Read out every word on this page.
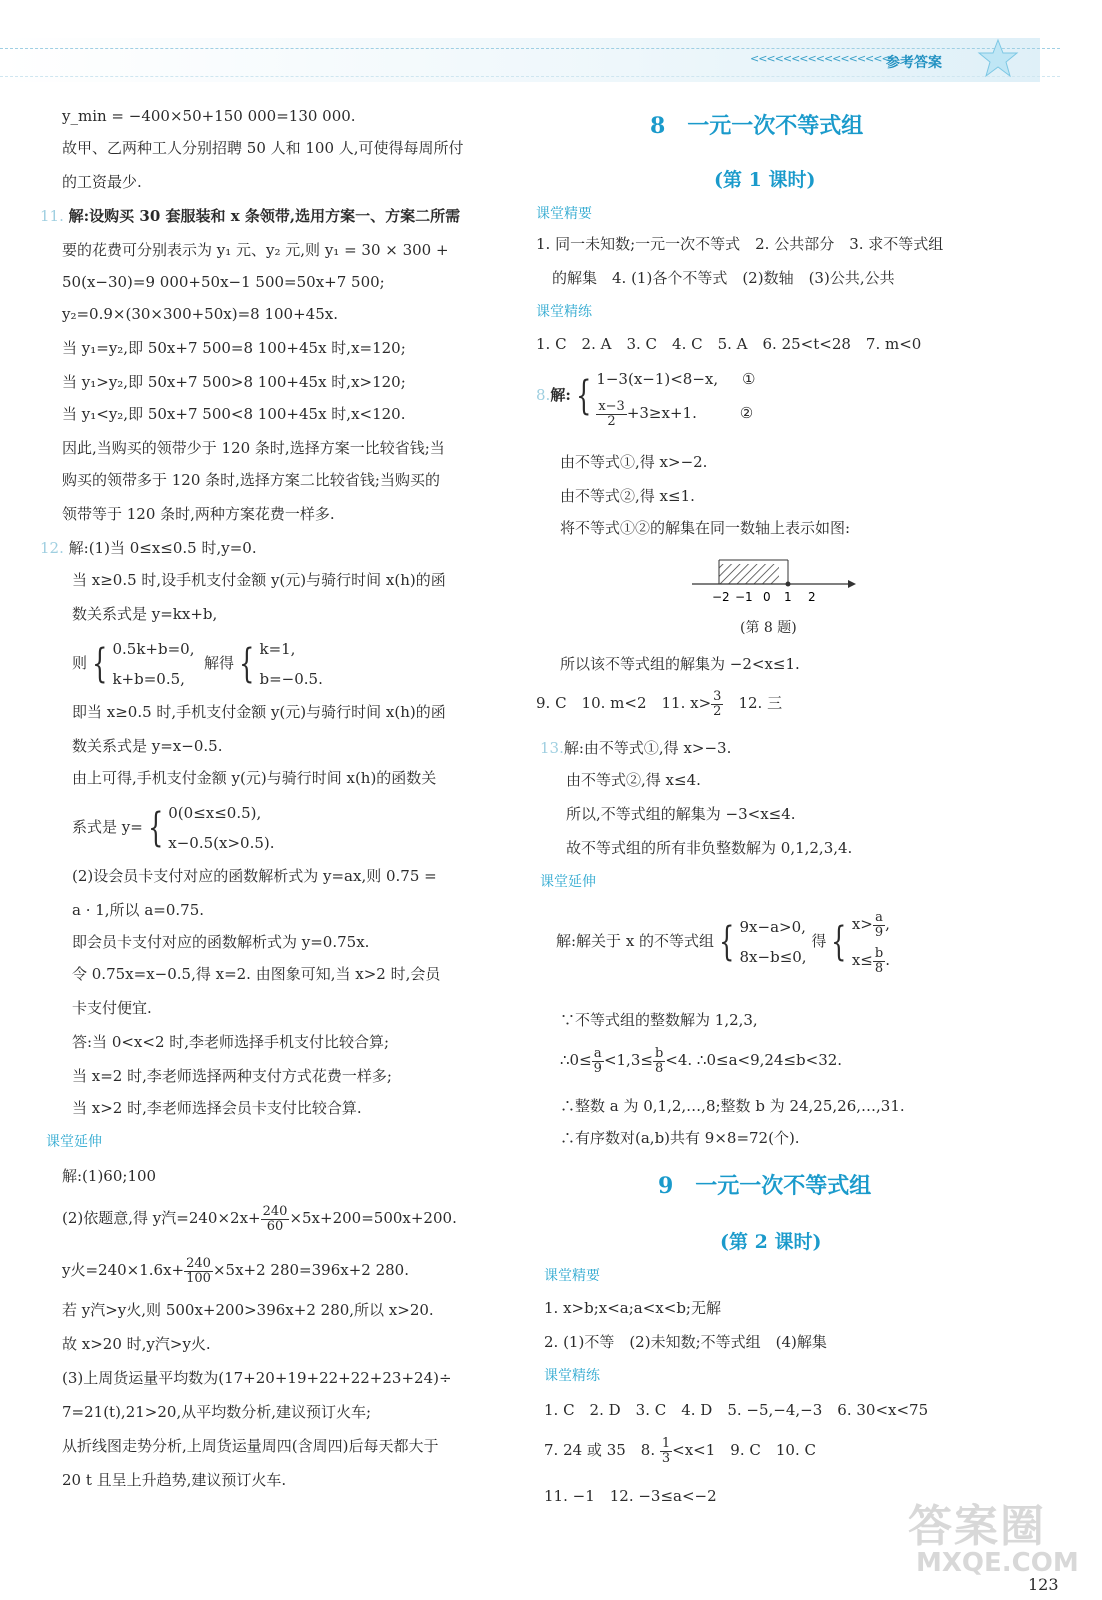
<<<<<<<<<<<<<<<<<
参考答案
y_min = −400×50+150 000=130 000.
故甲、乙两种工人分别招聘 50 人和 100 人,可使得每周所付
的工资最少.
11. 解:设购买 30 套服装和 x 条领带,选用方案一、方案二所需
要的花费可分别表示为 y₁ 元、y₂ 元,则 y₁ = 30 × 300 +
50(x−30)=9 000+50x−1 500=50x+7 500;
y₂=0.9×(30×300+50x)=8 100+45x.
当 y₁=y₂,即 50x+7 500=8 100+45x 时,x=120;
当 y₁>y₂,即 50x+7 500>8 100+45x 时,x>120;
当 y₁<y₂,即 50x+7 500<8 100+45x 时,x<120.
因此,当购买的领带少于 120 条时,选择方案一比较省钱;当
购买的领带多于 120 条时,选择方案二比较省钱;当购买的
领带等于 120 条时,两种方案花费一样多.
12. 解:(1)当 0≤x≤0.5 时,y=0.
当 x≥0.5 时,设手机支付金额 y(元)与骑行时间 x(h)的函
数关系式是 y=kx+b,
则 { 0.5k+b=0,
k+b=0.5,  解得 { k=1,
b=−0.5.
即当 x≥0.5 时,手机支付金额 y(元)与骑行时间 x(h)的函
数关系式是 y=x−0.5.
由上可得,手机支付金额 y(元)与骑行时间 x(h)的函数关
系式是 y= { 0(0≤x≤0.5),
x−0.5(x>0.5).
(2)设会员卡支付对应的函数解析式为 y=ax,则 0.75 =
a · 1,所以 a=0.75.
即会员卡支付对应的函数解析式为 y=0.75x.
令 0.75x=x−0.5,得 x=2. 由图象可知,当 x>2 时,会员
卡支付便宜.
答:当 0<x<2 时,李老师选择手机支付比较合算;
当 x=2 时,李老师选择两种支付方式花费一样多;
当 x>2 时,李老师选择会员卡支付比较合算.
课堂延伸
解:(1)60;100
(2)依题意,得 y汽$=240\times 2x+ \frac{240}{60} \times 5x+200=500x+200$.
y火$=240\times 1.6x+ \frac{240}{100} \times 5x+2$ 280=396x+2 280.
若 y汽>y火,则 500x+200>396x+2 280,所以 x>20.
故 x>20 时,y汽>y火.
(3)上周货运量平均数为(17+20+19+22+22+23+24)÷
7=21(t),21>20,从平均数分析,建议预订火车;
从折线图走势分析,上周货运量周四(含周四)后每天都大于
20 t 且呈上升趋势,建议预订火车.
8　一元一次不等式组
(第 1 课时)
课堂精要
1. 同一未知数;一元一次不等式　2. 公共部分　3. 求不等式组
的解集　4. (1)各个不等式　(2)数轴　(3)公共,公共
课堂精练
1. C　2. A　3. C　4. C　5. A　6. 25<t<28　7. m<0
8.解: { 1−3(x−1)<8−x, ①

$\frac{x-3}{2} +3\ge x+1$.	②
由不等式①,得 x>−2.
由不等式②,得 x≤1.
将不等式①②的解集在同一数轴上表示如图:
−2 −1 0 1 2
(第 8 题)
所以该不等式组的解集为 −2<x≤1.
9. C　10. m<2　11. $x> \frac{3}{2}$ 　12. 三
13.解:由不等式①,得 x>−3.
由不等式②,得 x≤4.
所以,不等式组的解集为 −3<x≤4.
故不等式组的所有非负整数解为 0,1,2,3,4.
课堂延伸
解:解关于 x 的不等式组 { 9x−a>0,
8x−b≤0, 得 { $x> \frac{a}{9}$ ,
$x\le \frac{b}{8}$ .
∵不等式组的整数解为 1,2,3,
∴0≤ $\frac{a}{9} <1,3\le \frac{b}{8} <4$. ∴0≤a<9,24≤b<32.
∴整数 a 为 0,1,2,…,8;整数 b 为 24,25,26,…,31.
∴有序数对(a,b)共有 9×8=72(个).
9　一元一次不等式组
(第 2 课时)
课堂精要
1. x>b;x<a;a<x<b;无解
2. (1)不等　(2)未知数;不等式组　(4)解集
课堂精练
1. C　2. D　3. C　4. D　5. −5,−4,−3　6. 30<x<75
7. 24 或 35　8. $\frac{1}{3} <x<1$　9. C　10. C
11. −1　12. −3≤a<−2
答案圈
MXQE.COM
123
